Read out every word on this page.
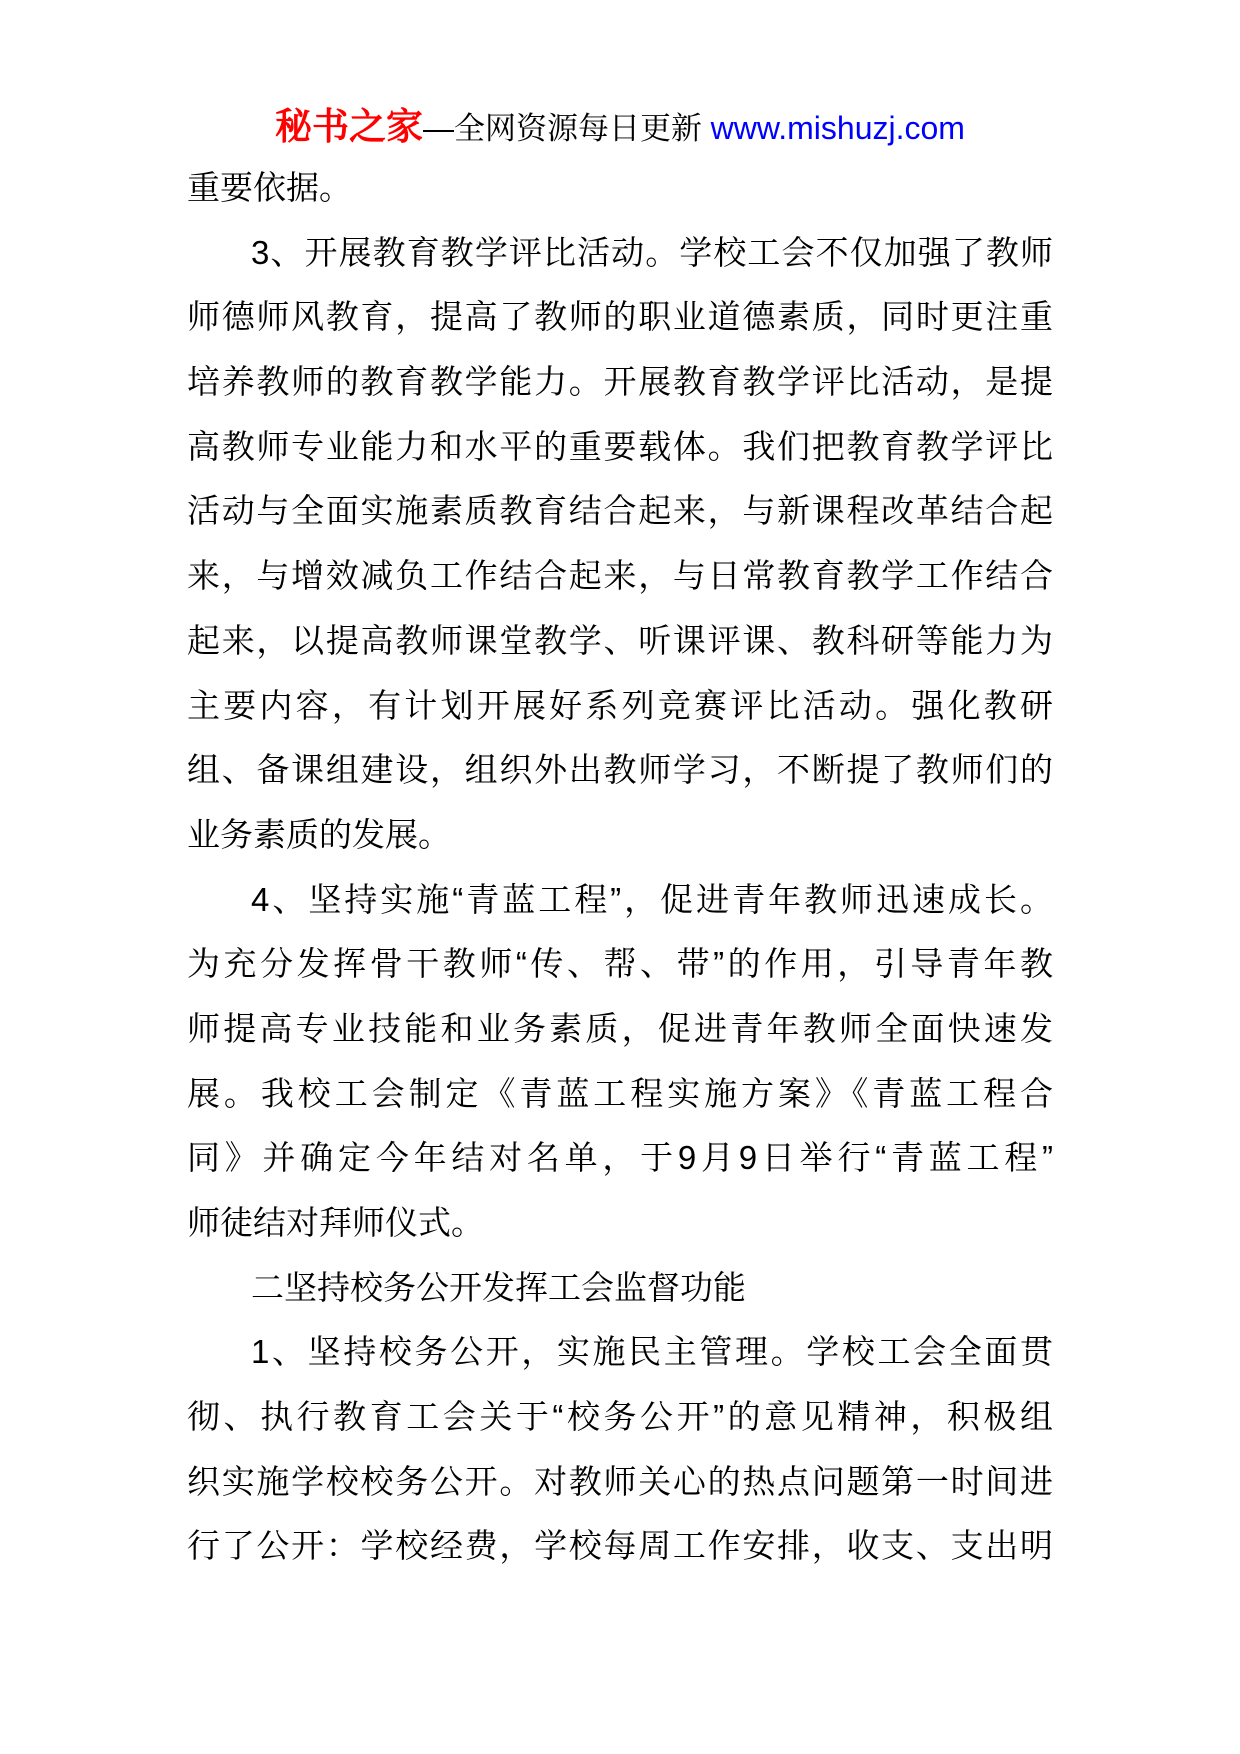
秘书之家—全网资源每日更新 www.mishuzj.com
重要依据。
3、开展教育教学评比活动。学校工会不仅加强了教师
师德师风教育，提高了教师的职业道德素质，同时更注重
培养教师的教育教学能力。开展教育教学评比活动，是提
高教师专业能力和水平的重要载体。我们把教育教学评比
活动与全面实施素质教育结合起来，与新课程改革结合起
来，与增效减负工作结合起来，与日常教育教学工作结合
起来，以提高教师课堂教学、听课评课、教科研等能力为
主要内容，有计划开展好系列竞赛评比活动。强化教研
组、备课组建设，组织外出教师学习，不断提了教师们的
业务素质的发展。
4、坚持实施“青蓝工程”，促进青年教师迅速成长。
为充分发挥骨干教师“传、帮、带”的作用，引导青年教
师提高专业技能和业务素质，促进青年教师全面快速发
展。我校工会制定《青蓝工程实施方案》《青蓝工程合
同》并确定今年结对名单，于9月9日举行“青蓝工程”
师徒结对拜师仪式。
二坚持校务公开发挥工会监督功能
1、坚持校务公开，实施民主管理。学校工会全面贯
彻、执行教育工会关于“校务公开”的意见精神，积极组
织实施学校校务公开。对教师关心的热点问题第一时间进
行了公开：学校经费，学校每周工作安排，收支、支出明
